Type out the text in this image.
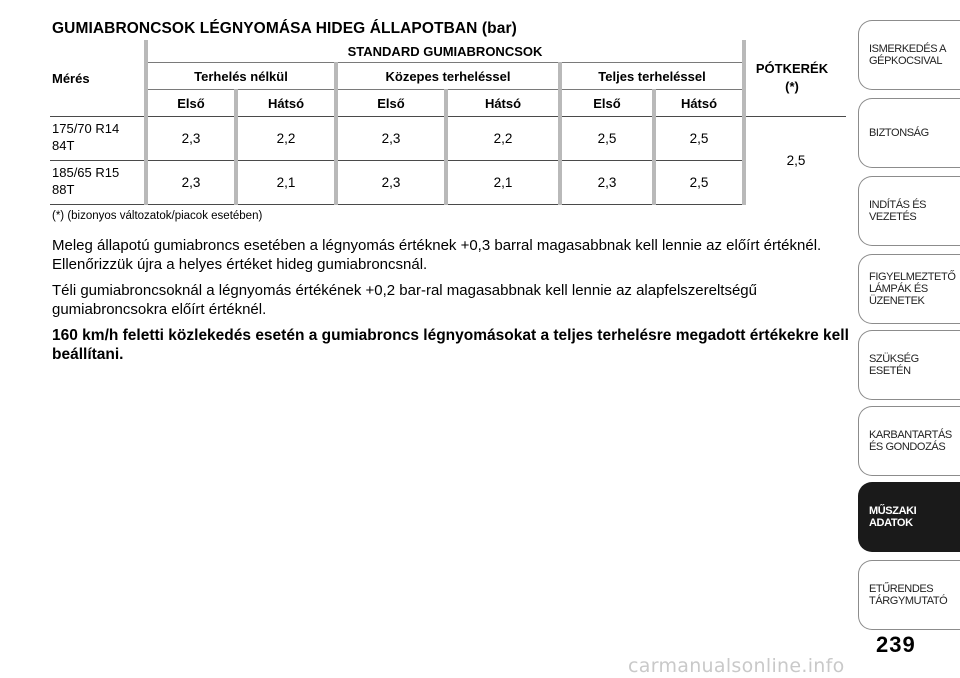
GUMIABRONCSOK LÉGNYOMÁSA HIDEG ÁLLAPOTBAN (bar)
Mérés	STANDARD GUMIABRONCSOK						PÓTKERÉK
(*)
	Terhelés nélkül		Közepes terheléssel		Teljes terheléssel		
	Első	Hátsó	Első	Hátsó	Első	Hátsó	
175/70 R14
84T	2,3	2,2	2,3	2,2	2,5	2,5	2,5
185/65 R15
88T	2,3	2,1	2,3	2,1	2,3	2,5	
(*) (bizonyos változatok/piacok esetében)
Meleg állapotú gumiabroncs esetében a légnyomás értéknek +0,3 barral magasabbnak kell lennie az előírt értéknél. Ellenőrizzük újra a helyes értéket hideg gumiabroncsnál.
Téli gumiabroncsoknál a légnyomás értékének +0,2 bar-ral magasabbnak kell lennie az alapfelszereltségű gumiabroncsokra előírt értéknél.
160 km/h feletti közlekedés esetén a gumiabroncs légnyomásokat a teljes terhelésre megadott értékekre kell beállítani.
ISMERKEDÉS A GÉPKOCSIVAL
BIZTONSÁG
INDÍTÁS ÉS VEZETÉS
FIGYELMEZTETŐ LÁMPÁK ÉS ÜZENETEK
SZÜKSÉG ESETÉN
KARBANTARTÁS ÉS GONDOZÁS
MŰSZAKI ADATOK
ETŰRENDES TÁRGYMUTATÓ
239
carmanualsonline.info
